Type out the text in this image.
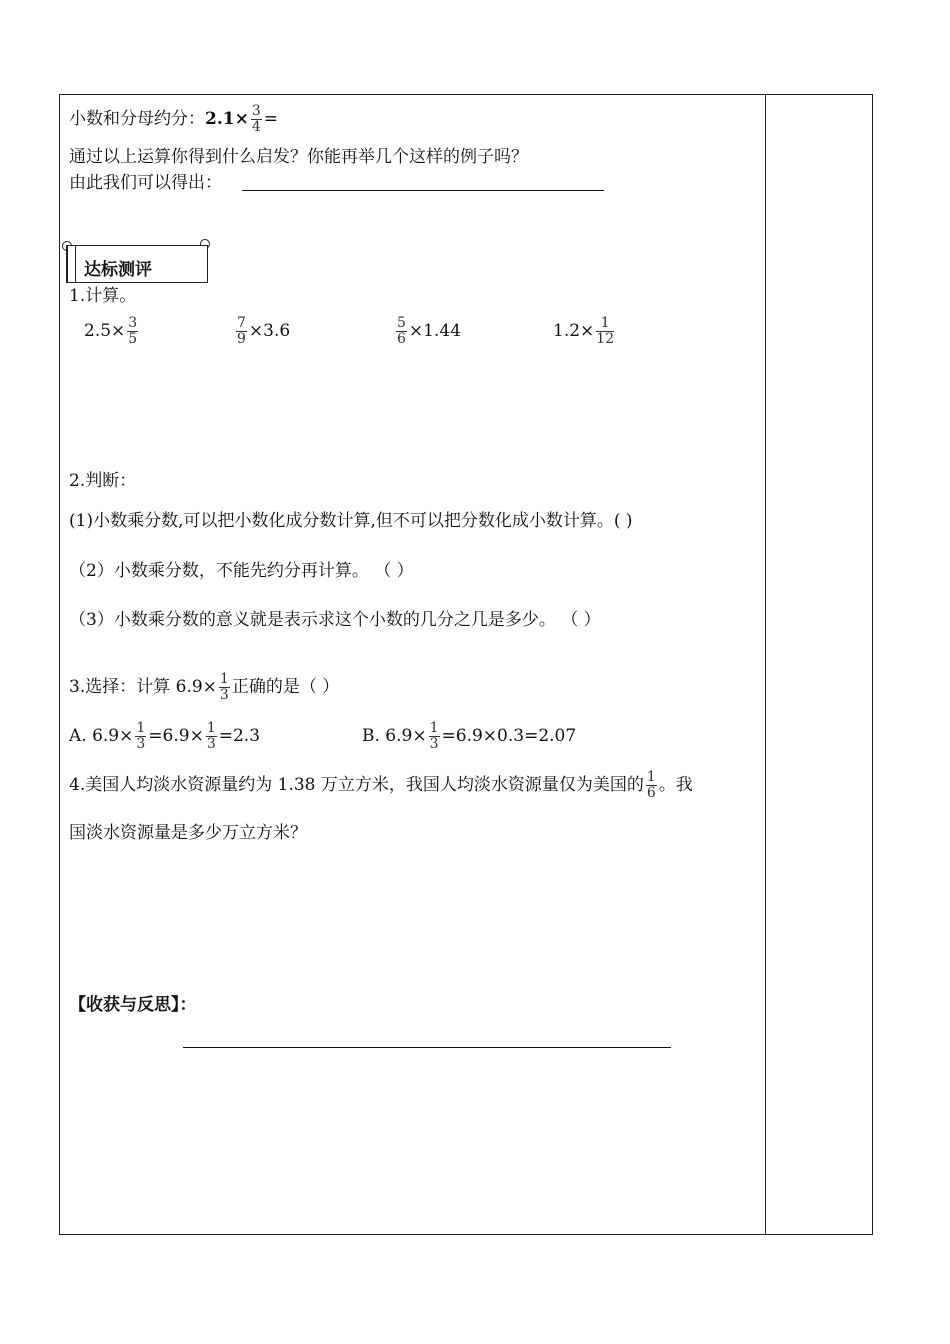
小数和分母约分：$2.1\times \frac{3}{4}$ =
通过以上运算你得到什么启发？你能再举几个这样的例子吗？
由此我们可以得出：
达标测评
1.计算。
$2.5\times \frac{3}{5}$	$\frac{7}{9} \times 3.6$	$\frac{5}{6} \times 1.44$	$1.2\times \frac{1}{12}$
2.判断：
(1)小数乘分数,可以把小数化成分数计算,但不可以把分数化成小数计算。( )
（2）小数乘分数，不能先约分再计算。 （ ）
（3）小数乘分数的意义就是表示求这个小数的几分之几是多少。 （ ）
3.选择：计算 $6.9\times \frac{1}{3}$ 正确的是（ ）
A. $6.9\times \frac{1}{3} =6.9\times \frac{1}{3} =2.3$	B. $6.9\times \frac{1}{3} =6.9\times 0.3=2.07$
4.美国人均淡水资源量约为 1.38 万立方米，我国人均淡水资源量仅为美国的 $\frac{1}{6}$ 。我
国淡水资源量是多少万立方米？
【收获与反思】：
